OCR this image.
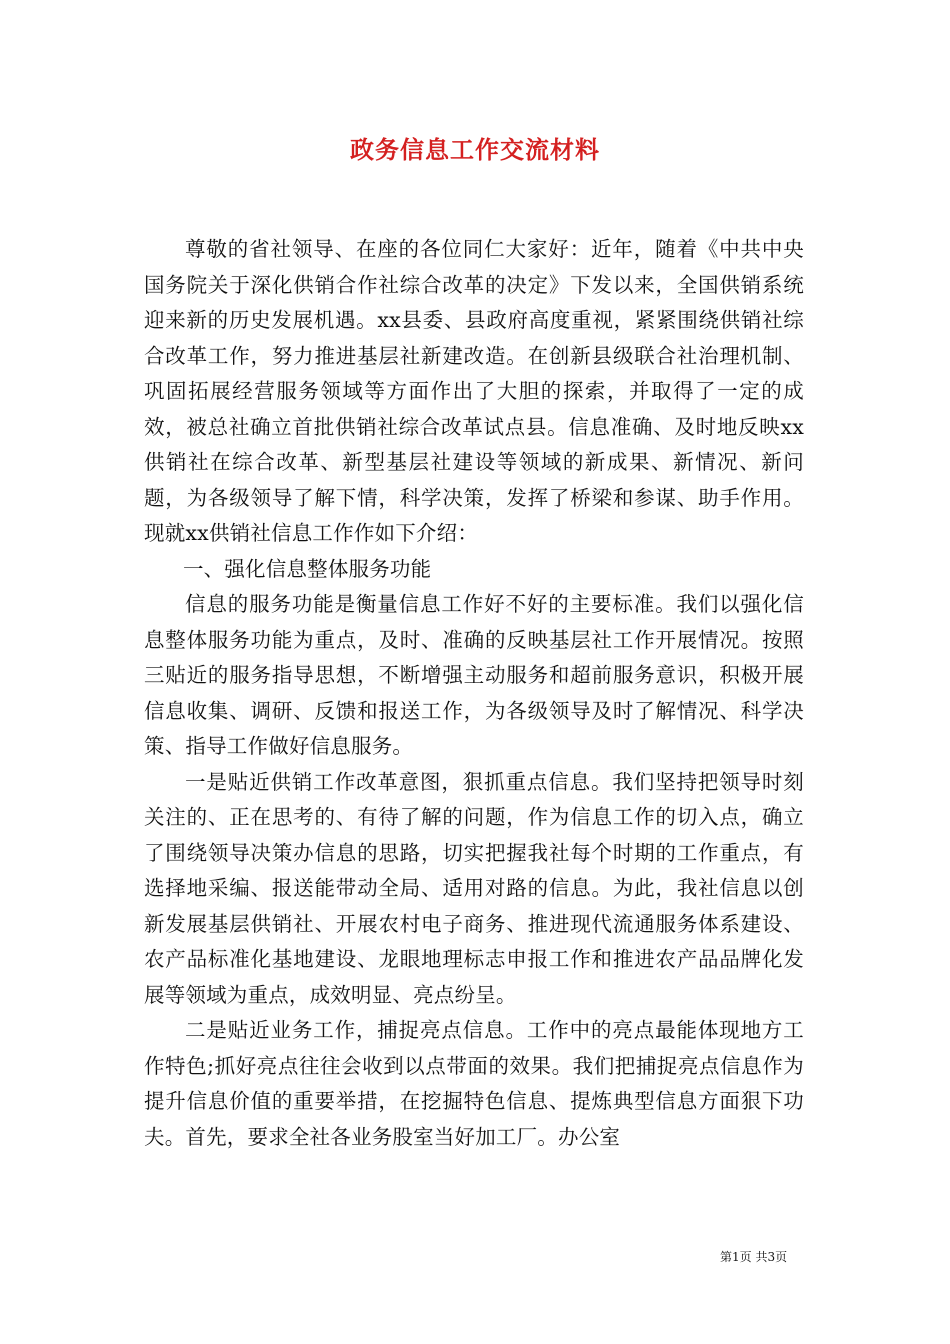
政务信息工作交流材料

尊敬的省社领导、在座的各位同仁大家好：近年，随着《中共中央国务院关于深化供销合作社综合改革的决定》下发以来，全国供销系统迎来新的历史发展机遇。xx县委、县政府高度重视，紧紧围绕供销社综合改革工作，努力推进基层社新建改造。在创新县级联合社治理机制、巩固拓展经营服务领域等方面作出了大胆的探索，并取得了一定的成效，被总社确立首批供销社综合改革试点县。信息准确、及时地反映xx供销社在综合改革、新型基层社建设等领域的新成果、新情况、新问题，为各级领导了解下情，科学决策，发挥了桥梁和参谋、助手作用。现就xx供销社信息工作作如下介绍：

一、强化信息整体服务功能

信息的服务功能是衡量信息工作好不好的主要标准。我们以强化信息整体服务功能为重点，及时、准确的反映基层社工作开展情况。按照三贴近的服务指导思想，不断增强主动服务和超前服务意识，积极开展信息收集、调研、反馈和报送工作，为各级领导及时了解情况、科学决策、指导工作做好信息服务。

一是贴近供销工作改革意图，狠抓重点信息。我们坚持把领导时刻关注的、正在思考的、有待了解的问题，作为信息工作的切入点，确立了围绕领导决策办信息的思路，切实把握我社每个时期的工作重点，有选择地采编、报送能带动全局、适用对路的信息。为此，我社信息以创新发展基层供销社、开展农村电子商务、推进现代流通服务体系建设、农产品标准化基地建设、龙眼地理标志申报工作和推进农产品品牌化发展等领域为重点，成效明显、亮点纷呈。

二是贴近业务工作，捕捉亮点信息。工作中的亮点最能体现地方工作特色;抓好亮点往往会收到以点带面的效果。我们把捕捉亮点信息作为提升信息价值的重要举措，在挖掘特色信息、提炼典型信息方面狠下功夫。首先，要求全社各业务股室当好加工厂。办公室

第1页 共3页
